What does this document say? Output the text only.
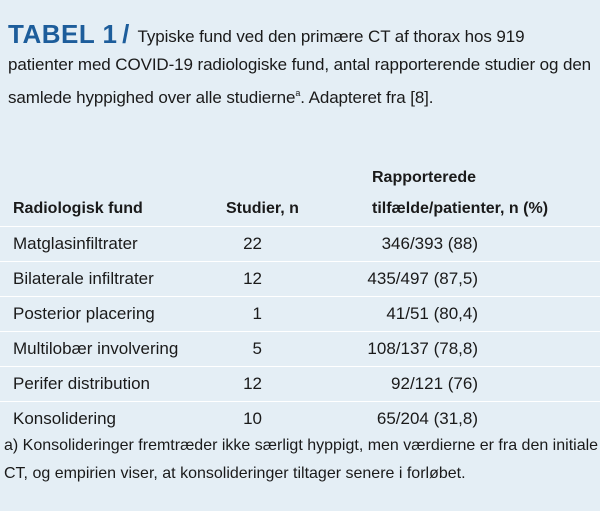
TABEL 1 / Typiske fund ved den primære CT af thorax hos 919 patienter med COVID-19 radiologiske fund, antal rapporterende studier og den samlede hyppighed over alle studierne$^a$. Adapteret fra [8].
Radiologisk fund	Studier, n
Rapporterede
tilfælde/patienter, n (%)
Matglasinfiltrater	22	346/393 (88)
Bilaterale infiltrater	12	435/497 (87,5)
Posterior placering	1	41/51 (80,4)
Multilobær involvering	5	108/137 (78,8)
Perifer distribution	12	92/121 (76)
Konsolidering	10	65/204 (31,8)
a) Konsolideringer fremtræder ikke særligt hyppigt, men værdierne er fra den initiale CT, og empirien viser, at konsolideringer tiltager senere i forløbet.
